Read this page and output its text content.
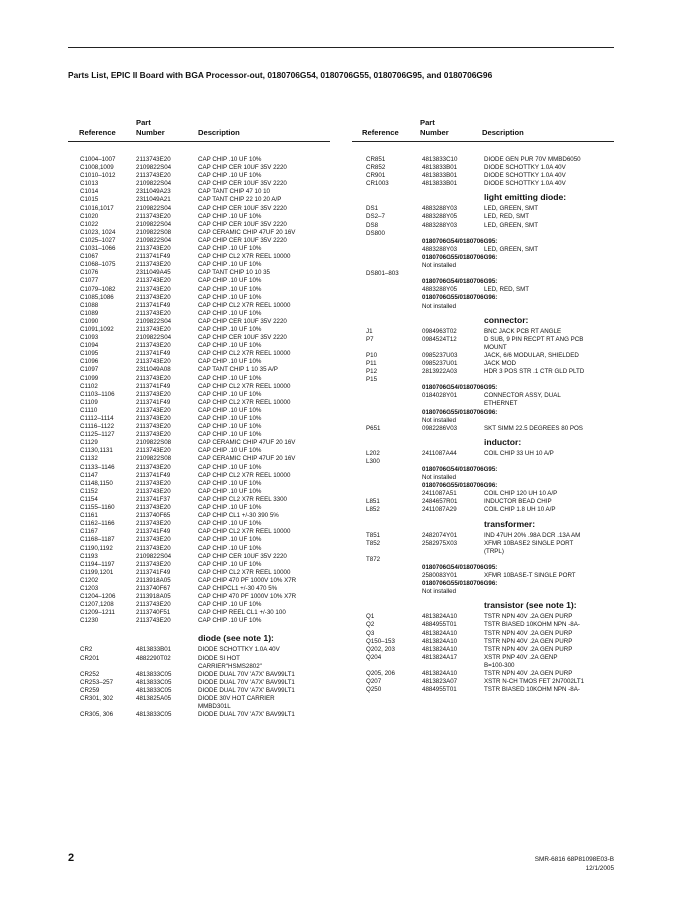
Parts List, EPIC II Board with BGA Processor-out, 0180706G54, 0180706G55, 0180706G95, and 0180706G96
Reference
Part
Number	Description	Reference
Part
Number	Description
C1004–1007	2113743E20	CAP CHIP .10 UF 10%
C1008,1009	2109822S04	CAP CHIP CER 10UF 35V 2220
C1010–1012	2113743E20	CAP CHIP .10 UF 10%
C1013	2109822S04	CAP CHIP CER 10UF 35V 2220
C1014	2311049A23	CAP TANT CHIP 47 10 10
C1015	2311049A21	CAP TANT CHIP 22 10 20 A/P
C1016,1017	2109822S04	CAP CHIP CER 10UF 35V 2220
C1020	2113743E20	CAP CHIP .10 UF 10%
C1022	2109822S04	CAP CHIP CER 10UF 35V 2220
C1023, 1024	2109822S08	CAP CERAMIC CHIP 47UF 20 16V
C1025–1027	2109822S04	CAP CHIP CER 10UF 35V 2220
C1031–1066	2113743E20	CAP CHIP .10 UF 10%
C1067	2113741F49	CAP CHIP CL2 X7R REEL 10000
C1068–1075	2113743E20	CAP CHIP .10 UF 10%
C1076	2311049A45	CAP TANT CHIP 10 10 35
C1077	2113743E20	CAP CHIP .10 UF 10%
C1079–1082	2113743E20	CAP CHIP .10 UF 10%
C1085,1086	2113743E20	CAP CHIP .10 UF 10%
C1088	2113741F49	CAP CHIP CL2 X7R REEL 10000
C1089	2113743E20	CAP CHIP .10 UF 10%
C1090	2109822S04	CAP CHIP CER 10UF 35V 2220
C1091,1092	2113743E20	CAP CHIP .10 UF 10%
C1093	2109822S04	CAP CHIP CER 10UF 35V 2220
C1094	2113743E20	CAP CHIP .10 UF 10%
C1095	2113741F49	CAP CHIP CL2 X7R REEL 10000
C1096	2113743E20	CAP CHIP .10 UF 10%
C1097	2311049A08	CAP TANT CHIP 1 10 35 A/P
C1099	2113743E20	CAP CHIP .10 UF 10%
C1102	2113741F49	CAP CHIP CL2 X7R REEL 10000
C1103–1106	2113743E20	CAP CHIP .10 UF 10%
C1109	2113741F49	CAP CHIP CL2 X7R REEL 10000
C1110	2113743E20	CAP CHIP .10 UF 10%
C1112–1114	2113743E20	CAP CHIP .10 UF 10%
C1116–1122	2113743E20	CAP CHIP .10 UF 10%
C1125–1127	2113743E20	CAP CHIP .10 UF 10%
C1129	2109822S08	CAP CERAMIC CHIP 47UF 20 16V
C1130,1131	2113743E20	CAP CHIP .10 UF 10%
C1132	2109822S08	CAP CERAMIC CHIP 47UF 20 16V
C1133–1146	2113743E20	CAP CHIP .10 UF 10%
C1147	2113741F49	CAP CHIP CL2 X7R REEL 10000
C1148,1150	2113743E20	CAP CHIP .10 UF 10%
C1152	2113743E20	CAP CHIP .10 UF 10%
C1154	2113741F37	CAP CHIP CL2 X7R REEL 3300
C1155–1160	2113743E20	CAP CHIP .10 UF 10%
C1161	2113740F65	CAP CHIP CL1 +/-30 390 5%
C1162–1166	2113743E20	CAP CHIP .10 UF 10%
C1167	2113741F49	CAP CHIP CL2 X7R REEL 10000
C1168–1187	2113743E20	CAP CHIP .10 UF 10%
C1190,1192	2113743E20	CAP CHIP .10 UF 10%
C1193	2109822S04	CAP CHIP CER 10UF 35V 2220
C1194–1197	2113743E20	CAP CHIP .10 UF 10%
C1199,1201	2113741F49	CAP CHIP CL2 X7R REEL 10000
C1202	2113918A05	CAP CHIP 470 PF 1000V 10% X7R
C1203	2113740F67	CAP CHIPCL1 +/-30 470 5%
C1204–1206	2113918A05	CAP CHIP 470 PF 1000V 10% X7R
C1207,1208	2113743E20	CAP CHIP .10 UF 10%
C1209–1211	2113740F51	CAP CHIP REEL CL1 +/-30 100
C1230	2113743E20	CAP CHIP .10 UF 10%
diode (see note 1):
CR2	4813833B01	DIODE SCHOTTKY 1.0A 40V
CR201	4882290T02	DIODE SI HOT
CARRIER"HSMS2802"
CR252	4813833C05	DIODE DUAL 70V 'A7X' BAV99LT1
CR253–257	4813833C05	DIODE DUAL 70V 'A7X' BAV99LT1
CR259	4813833C05	DIODE DUAL 70V 'A7X' BAV99LT1
CR301, 302	4813825A05	DIODE 30V HOT CARRIER
MMBD301L
CR305, 306	4813833C05	DIODE DUAL 70V 'A7X' BAV99LT1
CR851	4813833C10	DIODE GEN PUR 70V MMBD6050
CR852	4813833B01	DIODE SCHOTTKY 1.0A 40V
CR901	4813833B01	DIODE SCHOTTKY 1.0A 40V
CR1003	4813833B01	DIODE SCHOTTKY 1.0A 40V
light emitting diode:
DS1	4883288Y03	LED, GREEN, SMT
DS2–7	4883288Y05	LED, RED, SMT
DS8	4883288Y03	LED, GREEN, SMT
DS800
0180706G54/0180706G95:
4883288Y03	LED, GREEN, SMT
0180706G55/0180706G96:
Not installed
DS801–803
0180706G54/0180706G95:
4883288Y05	LED, RED, SMT
0180706G55/0180706G96:
Not installed
connector:
J1	0984963T02	BNC JACK PCB RT ANGLE
P7	0984524T12	D SUB, 9 PIN RECPT RT ANG PCB
MOUNT
P10	0985237U03	JACK, 6/6 MODULAR, SHIELDED
P11	0985237U01	JACK MOD
P12	2813922A03	HDR 3 POS STR .1 CTR GLD PLTD
P15
0180706G54/0180706G95:
0184028Y01	CONNECTOR ASSY, DUAL
ETHERNET
0180706G55/0180706G96:
Not installed
P651	0982286V03	SKT SIMM 22.5 DEGREES 80 POS
inductor:
L202	2411087A44	COIL CHIP 33 UH 10 A/P
L300
0180706G54/0180706G95:
Not installed
0180706G55/0180706G96:
2411087A51	COIL CHIP 120 UH 10 A/P
L851	2484657R01	INDUCTOR BEAD CHIP
L852	2411087A29	COIL CHIP 1.8 UH 10 A/P
transformer:
T851	2482074Y01	IND 47UH 20% .98A DCR .13A AM
T852	2582975X03	XFMR 10BASE2 SINGLE PORT
(TRPL)
T872
0180706G54/0180706G95:
2580083Y01	XFMR 10BASE-T SINGLE PORT
0180706G55/0180706G96:
Not installed
transistor (see note 1):
Q1	4813824A10	TSTR NPN 40V .2A GEN PURP
Q2	4884955T01	TSTR BIASED 10KOHM NPN -8A-
Q3	4813824A10	TSTR NPN 40V .2A GEN PURP
Q150–153	4813824A10	TSTR NPN 40V .2A GEN PURP
Q202, 203	4813824A10	TSTR NPN 40V .2A GEN PURP
Q204	4813824A17	XSTR PNP 40V .2A GENP
B=100-300
Q205, 206	4813824A10	TSTR NPN 40V .2A GEN PURP
Q207	4813823A07	XSTR N-CH TMOS FET 2N7002LT1
Q250	4884955T01	TSTR BIASED 10KOHM NPN -8A-
2	SMR-6816 68P81098E03-B
12/1/2005
